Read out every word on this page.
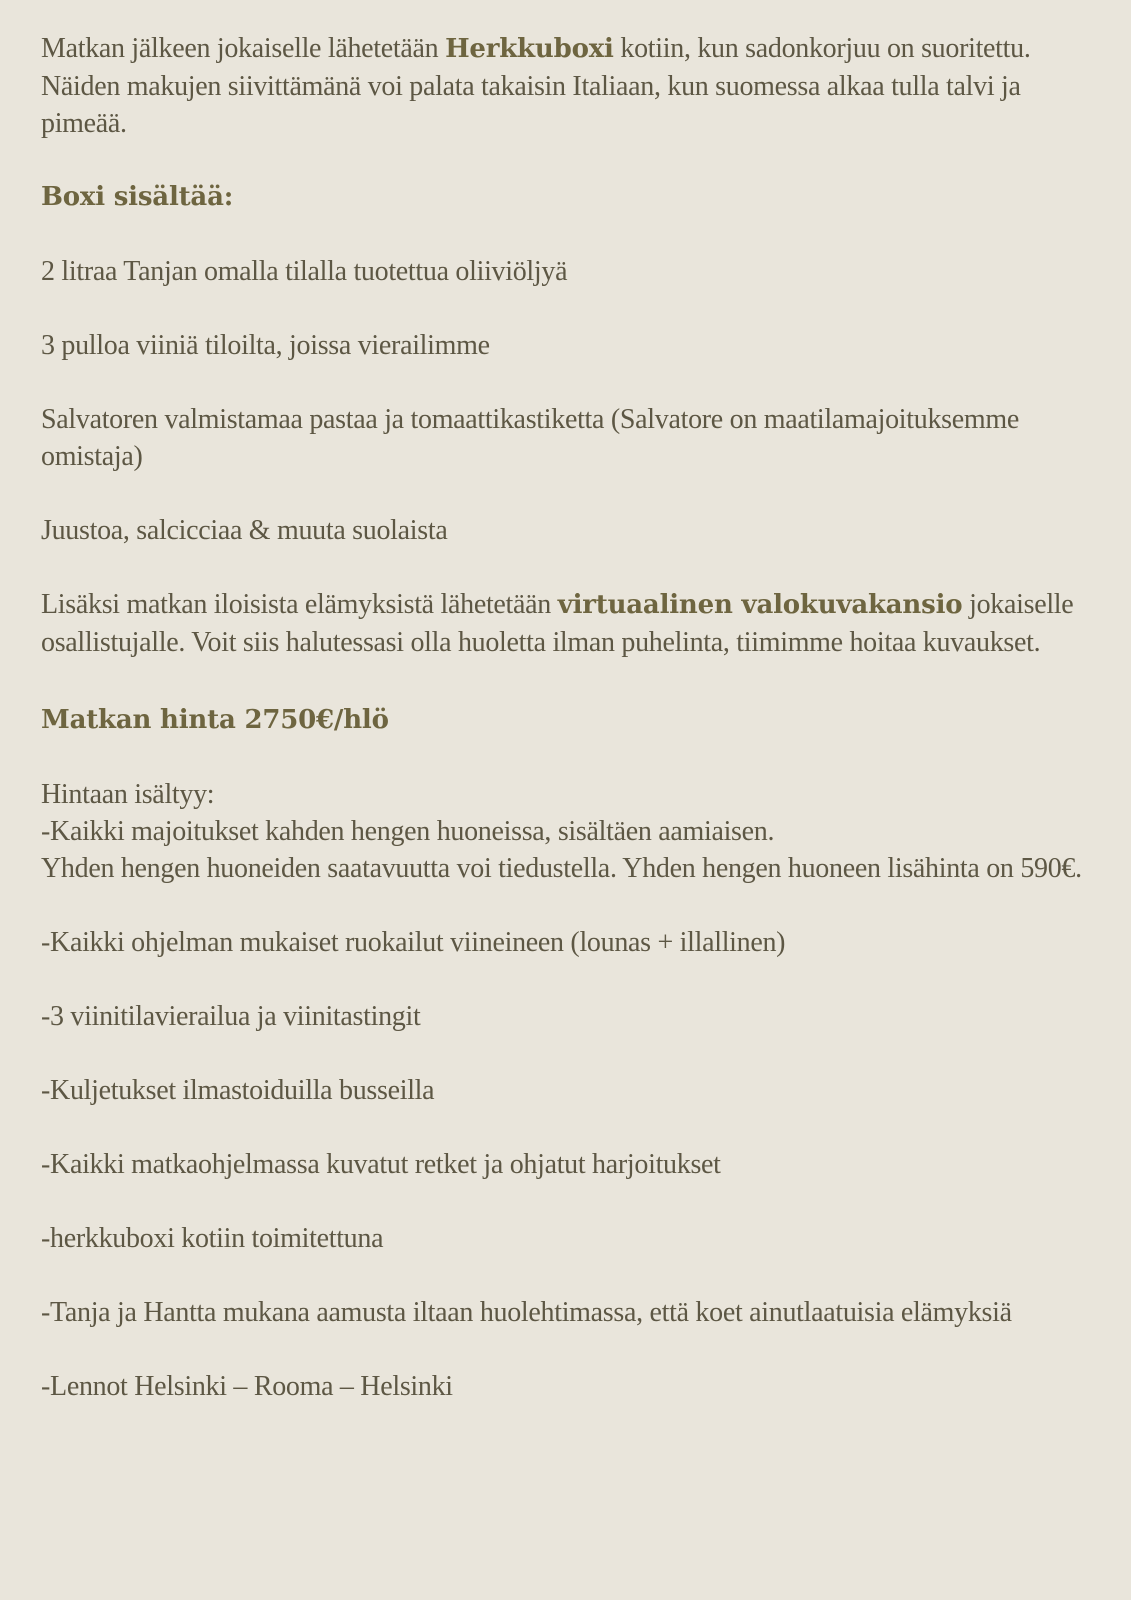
Matkan jälkeen jokaiselle lähetetään Herkkuboxi kotiin, kun sadonkorjuu on suoritettu. Näiden makujen siivittämänä voi palata takaisin Italiaan, kun suomessa alkaa tulla talvi ja pimeää.

Boxi sisältää:

2 litraa Tanjan omalla tilalla tuotettua oliiviöljyä

3 pulloa viiniä tiloilta, joissa vierailimme

Salvatoren valmistamaa pastaa ja tomaattikastiketta (Salvatore on maatilamajoituksemme omistaja)

Juustoa, salcicciaa & muuta suolaista

Lisäksi matkan iloisista elämyksistä lähetetään virtuaalinen valokuvakansio jokaiselle osallistujalle. Voit siis halutessasi olla huoletta ilman puhelinta, tiimimme hoitaa kuvaukset.

Matkan hinta 2750€/hlö

Hintaan isältyy:

-Kaikki majoitukset kahden hengen huoneissa, sisältäen aamiaisen.

Yhden hengen huoneiden saatavuutta voi tiedustella. Yhden hengen huoneen lisähinta on 590€.

-Kaikki ohjelman mukaiset ruokailut viineineen (lounas + illallinen)

-3 viinitilavierailua ja viinitastingit

-Kuljetukset ilmastoiduilla busseilla

-Kaikki matkaohjelmassa kuvatut retket ja ohjatut harjoitukset

-herkkuboxi kotiin toimitettuna

-Tanja ja Hantta mukana aamusta iltaan huolehtimassa, että koet ainutlaatuisia elämyksiä

-Lennot Helsinki – Rooma – Helsinki
